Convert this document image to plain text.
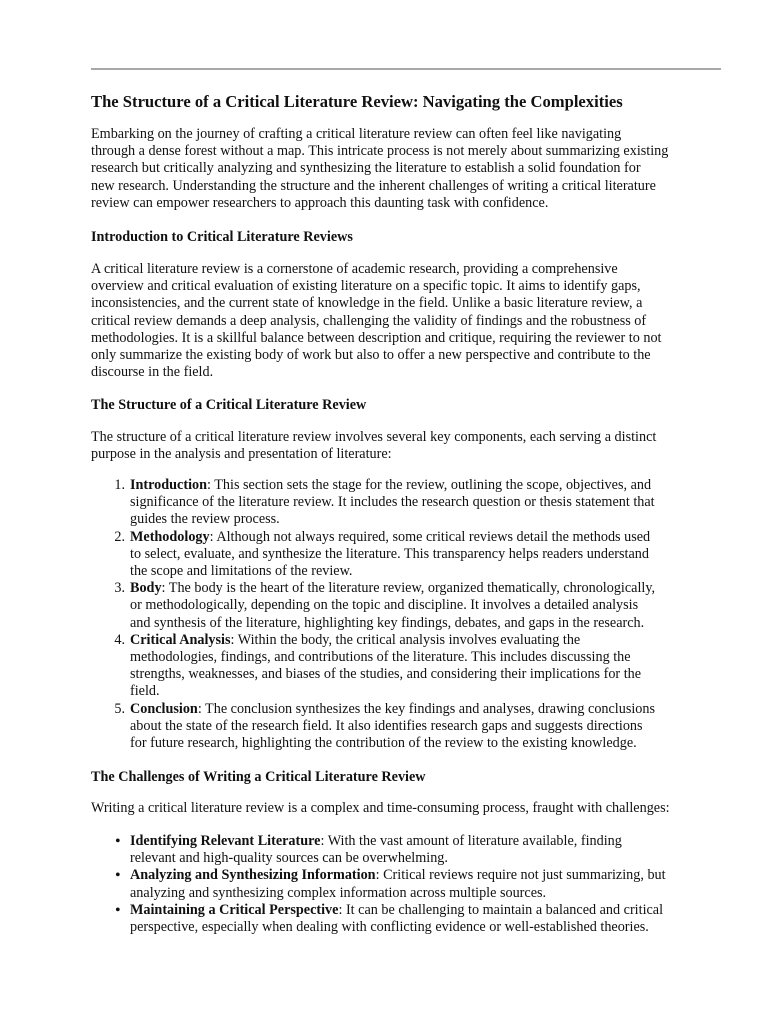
The Structure of a Critical Literature Review: Navigating the Complexities

Embarking on the journey of crafting a critical literature review can often feel like navigating
through a dense forest without a map. This intricate process is not merely about summarizing existing
research but critically analyzing and synthesizing the literature to establish a solid foundation for
new research. Understanding the structure and the inherent challenges of writing a critical literature
review can empower researchers to approach this daunting task with confidence.

Introduction to Critical Literature Reviews

A critical literature review is a cornerstone of academic research, providing a comprehensive
overview and critical evaluation of existing literature on a specific topic. It aims to identify gaps,
inconsistencies, and the current state of knowledge in the field. Unlike a basic literature review, a
critical review demands a deep analysis, challenging the validity of findings and the robustness of
methodologies. It is a skillful balance between description and critique, requiring the reviewer to not
only summarize the existing body of work but also to offer a new perspective and contribute to the
discourse in the field.

The Structure of a Critical Literature Review

The structure of a critical literature review involves several key components, each serving a distinct
purpose in the analysis and presentation of literature:

1. Introduction: This section sets the stage for the review, outlining the scope, objectives, and
significance of the literature review. It includes the research question or thesis statement that
guides the review process.
2. Methodology: Although not always required, some critical reviews detail the methods used
to select, evaluate, and synthesize the literature. This transparency helps readers understand
the scope and limitations of the review.
3. Body: The body is the heart of the literature review, organized thematically, chronologically,
or methodologically, depending on the topic and discipline. It involves a detailed analysis
and synthesis of the literature, highlighting key findings, debates, and gaps in the research.
4. Critical Analysis: Within the body, the critical analysis involves evaluating the
methodologies, findings, and contributions of the literature. This includes discussing the
strengths, weaknesses, and biases of the studies, and considering their implications for the
field.
5. Conclusion: The conclusion synthesizes the key findings and analyses, drawing conclusions
about the state of the research field. It also identifies research gaps and suggests directions
for future research, highlighting the contribution of the review to the existing knowledge.
The Challenges of Writing a Critical Literature Review

Writing a critical literature review is a complex and time-consuming process, fraught with challenges:

• Identifying Relevant Literature: With the vast amount of literature available, finding
relevant and high-quality sources can be overwhelming.
• Analyzing and Synthesizing Information: Critical reviews require not just summarizing, but
analyzing and synthesizing complex information across multiple sources.
• Maintaining a Critical Perspective: It can be challenging to maintain a balanced and critical
perspective, especially when dealing with conflicting evidence or well-established theories.
